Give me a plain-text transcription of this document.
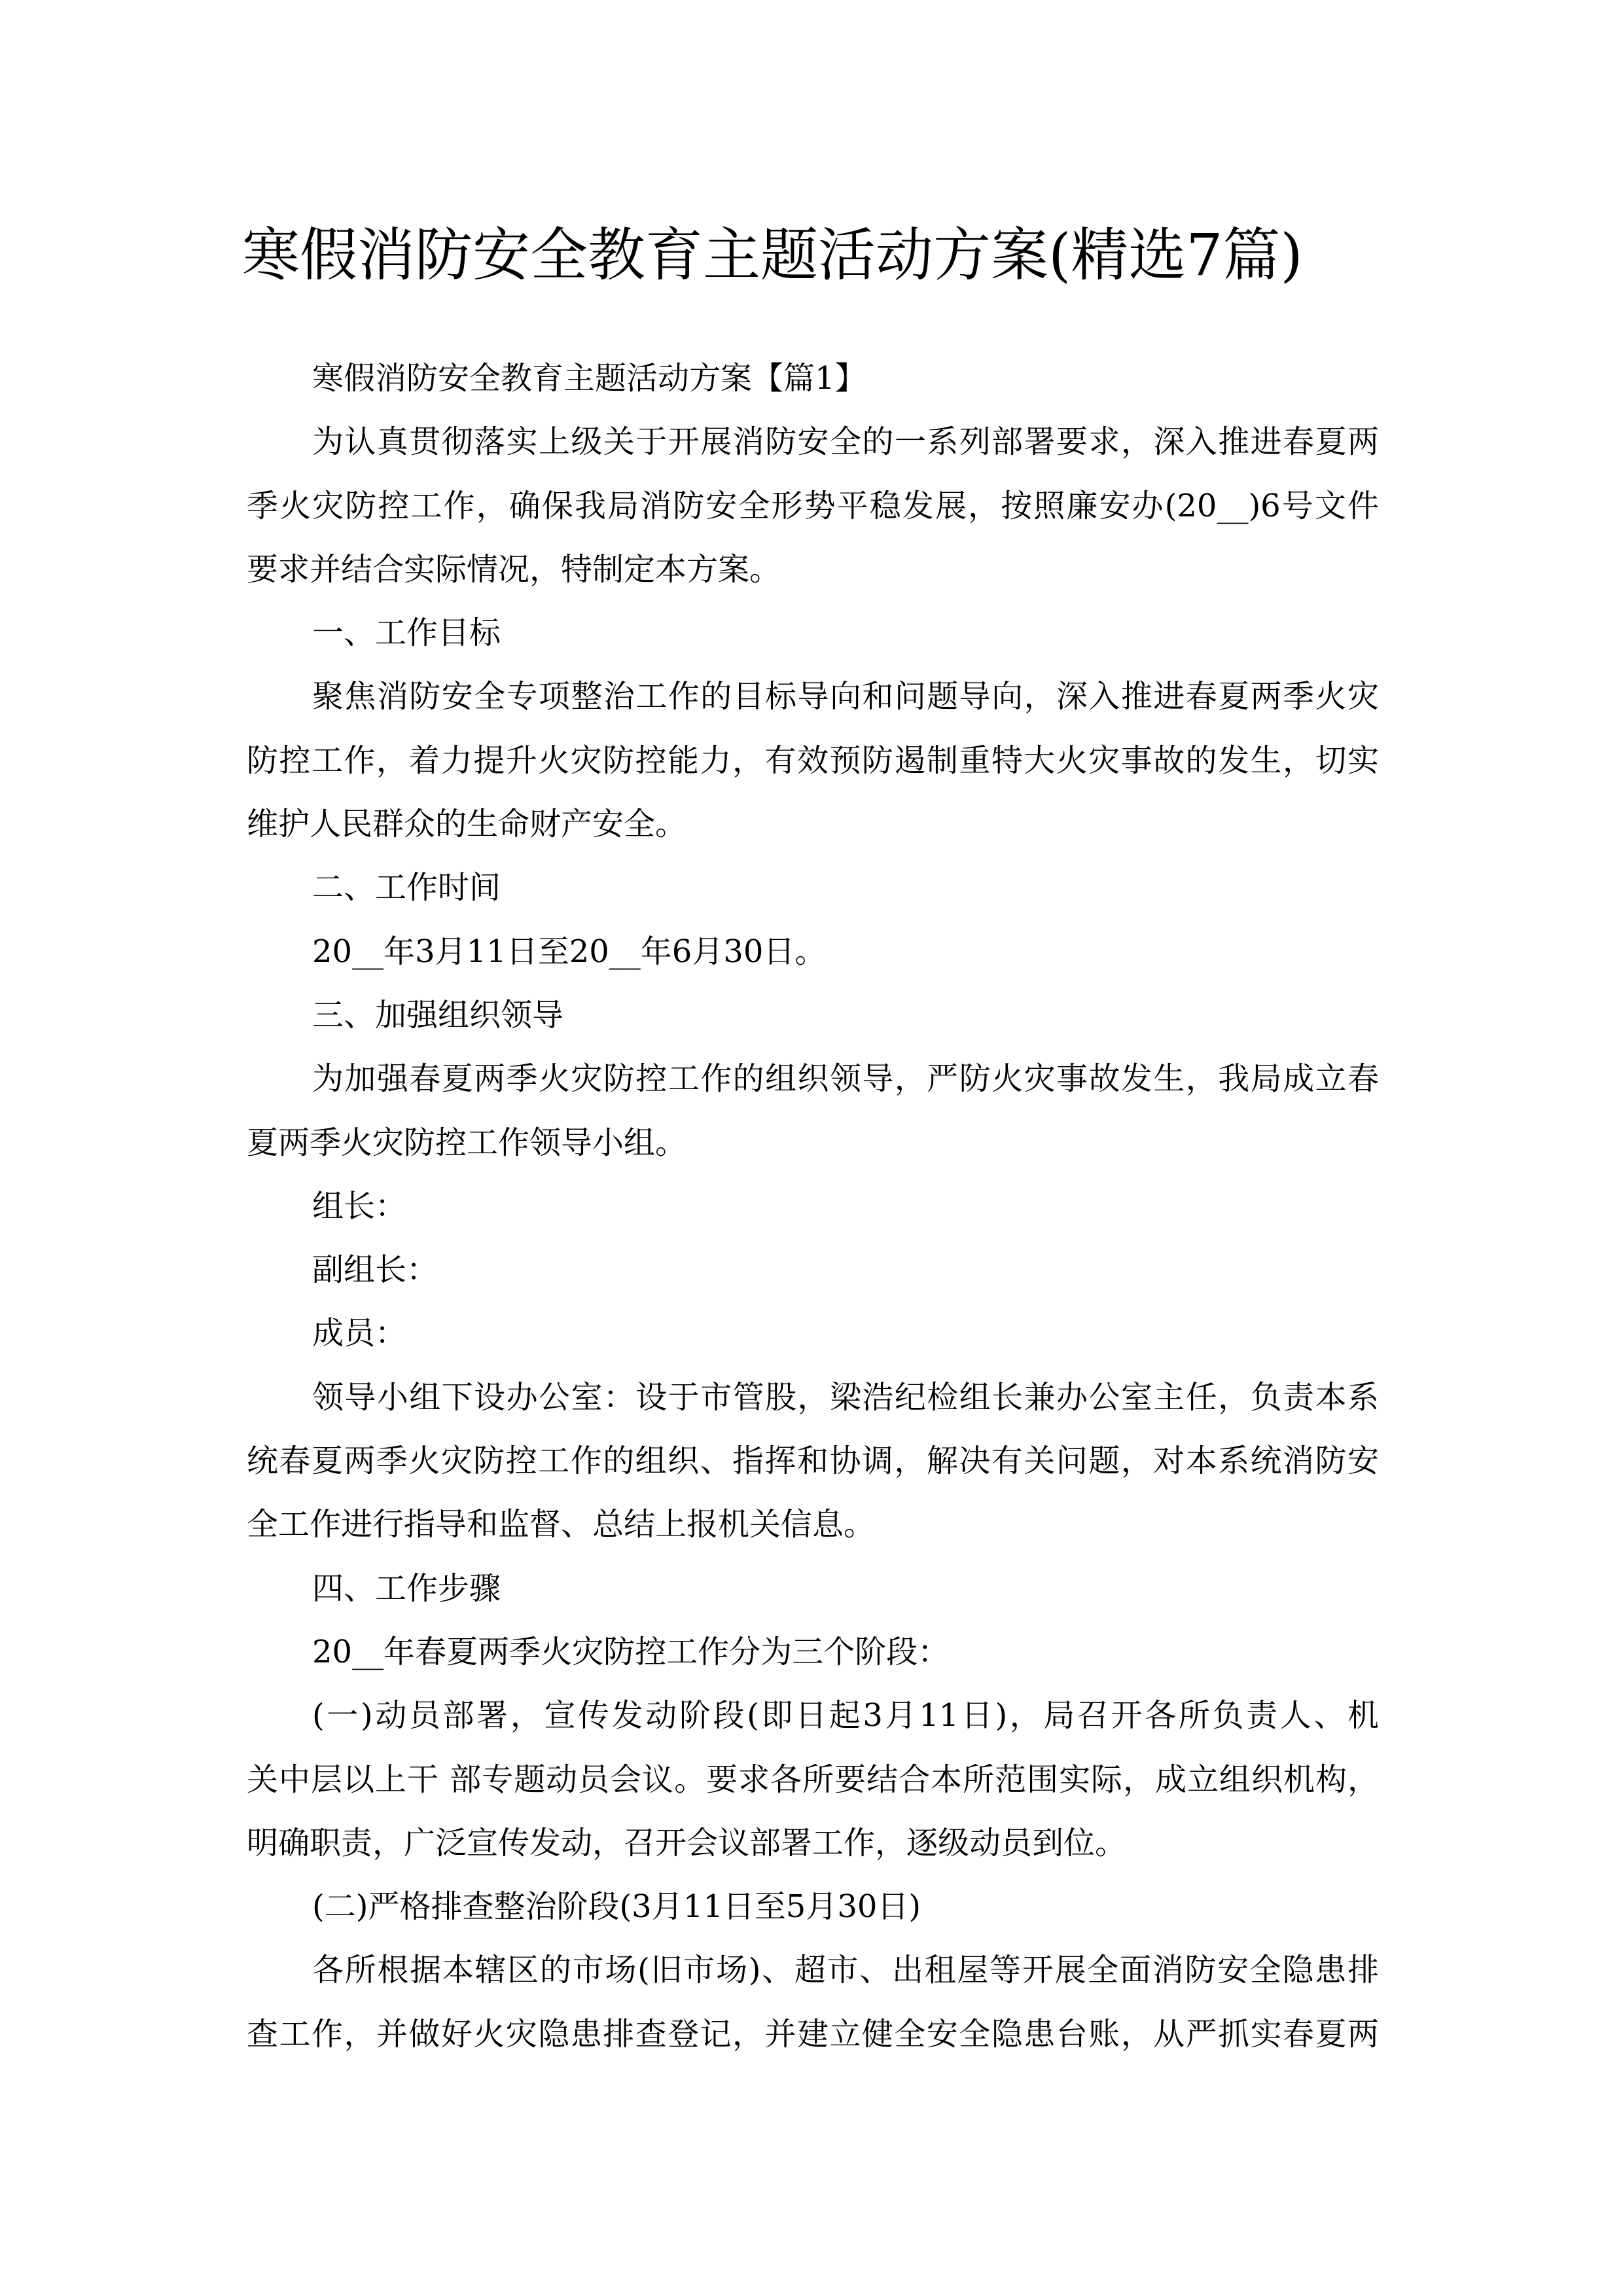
寒假消防安全教育主题活动方案(精选7篇)
寒假消防安全教育主题活动方案【篇1】
为认真贯彻落实上级关于开展消防安全的一系列部署要求，深入推进春夏两
季火灾防控工作，确保我局消防安全形势平稳发展，按照廉安办(20__)6号文件
要求并结合实际情况，特制定本方案。
一、工作目标
聚焦消防安全专项整治工作的目标导向和问题导向，深入推进春夏两季火灾
防控工作，着力提升火灾防控能力，有效预防遏制重特大火灾事故的发生，切实
维护人民群众的生命财产安全。
二、工作时间
20__年3月11日至20__年6月30日。
三、加强组织领导
为加强春夏两季火灾防控工作的组织领导，严防火灾事故发生，我局成立春
夏两季火灾防控工作领导小组。
组长：
副组长：
成员：
领导小组下设办公室：设于市管股，梁浩纪检组长兼办公室主任，负责本系
统春夏两季火灾防控工作的组织、指挥和协调，解决有关问题，对本系统消防安
全工作进行指导和监督、总结上报机关信息。
四、工作步骤
20__年春夏两季火灾防控工作分为三个阶段：
(一)动员部署，宣传发动阶段(即日起3月11日)，局召开各所负责人、机
关中层以上干 部专题动员会议。要求各所要结合本所范围实际，成立组织机构，
明确职责，广泛宣传发动，召开会议部署工作，逐级动员到位。
(二)严格排查整治阶段(3月11日至5月30日)
各所根据本辖区的市场(旧市场)、超市、出租屋等开展全面消防安全隐患排
查工作，并做好火灾隐患排查登记，并建立健全安全隐患台账，从严抓实春夏两
